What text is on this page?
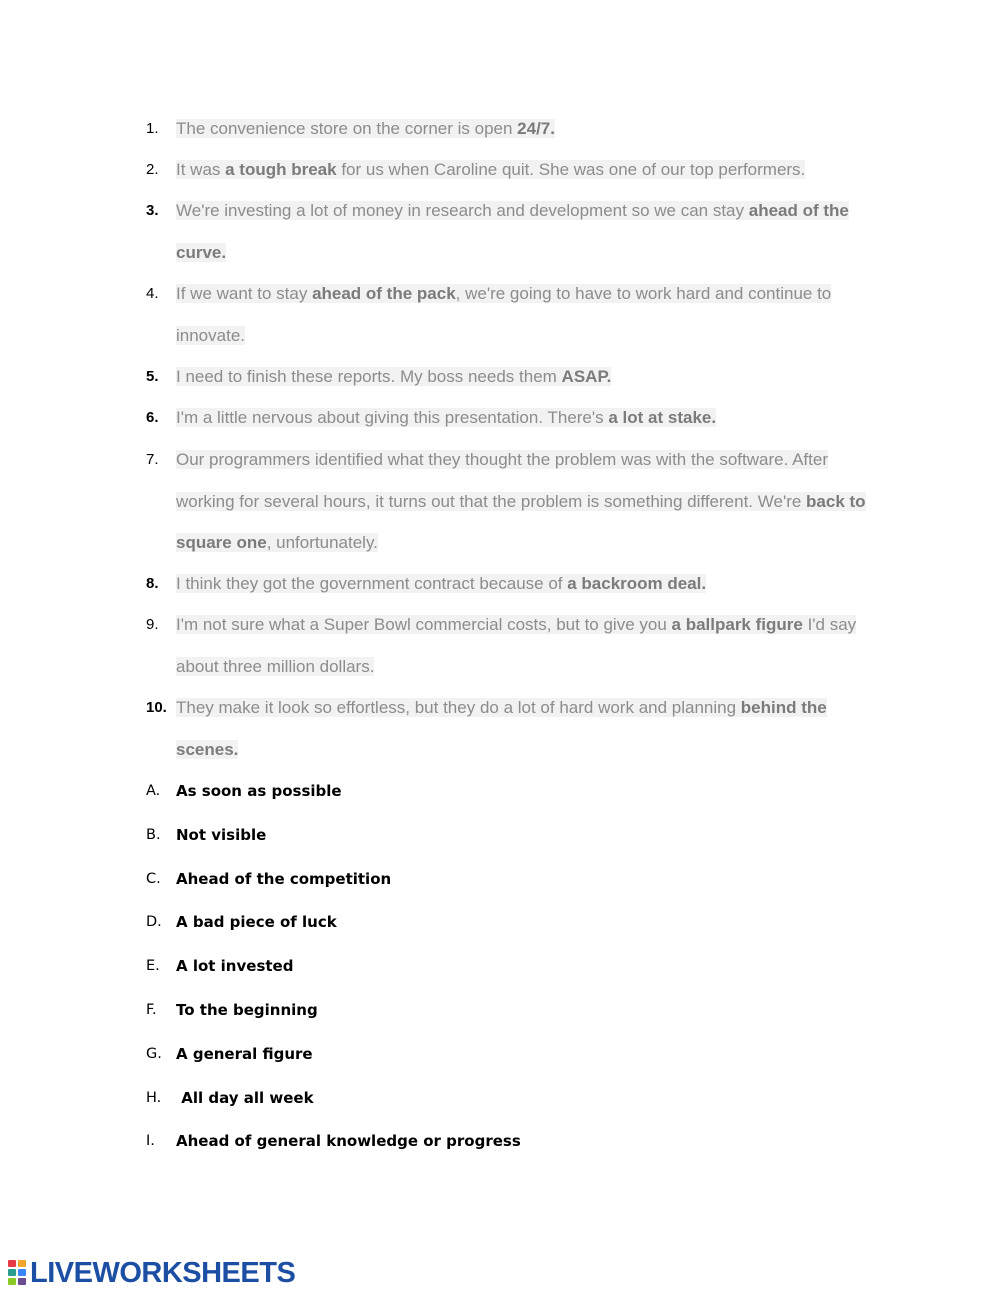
1.	The convenience store on the corner is open 24/7.
2.	It was a tough break for us when Caroline quit. She was one of our top performers.
3.	We're investing a lot of money in research and development so we can stay ahead of the curve.
4.	If we want to stay ahead of the pack, we're going to have to work hard and continue to innovate.
5.	I need to finish these reports. My boss needs them ASAP.
6.	I'm a little nervous about giving this presentation. There's a lot at stake.
7.	Our programmers identified what they thought the problem was with the software. After working for several hours, it turns out that the problem is something different. We're back to square one, unfortunately.
8.	I think they got the government contract because of a backroom deal.
9.	I'm not sure what a Super Bowl commercial costs, but to give you a ballpark figure I'd say about three million dollars.
10. They make it look so effortless, but they do a lot of hard work and planning behind the scenes.
A. As soon as possible
B. Not visible
C. Ahead of the competition
D. A bad piece of luck
E. A lot invested
F. To the beginning
G. A general figure
H. All day all week
I. Ahead of general knowledge or progress
LIVEWORKSHEETS
